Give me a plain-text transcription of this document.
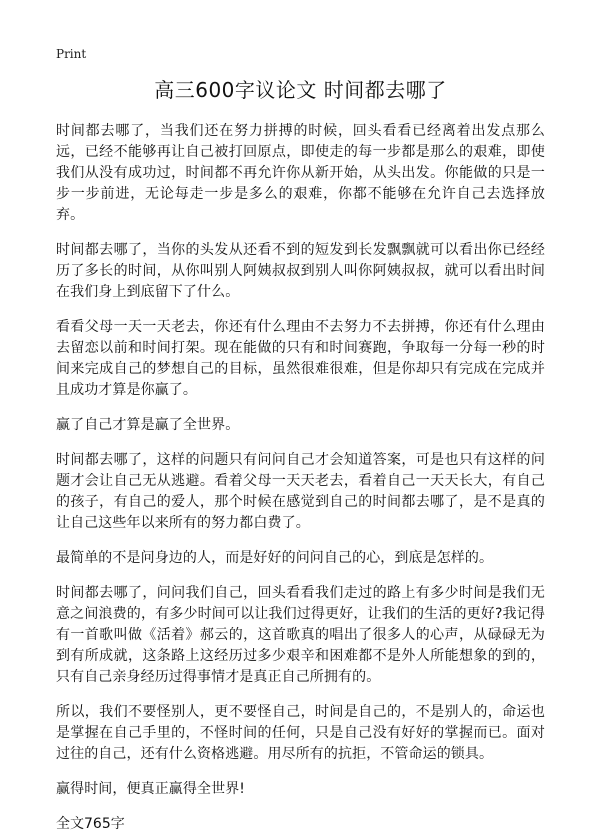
Print
高三600字议论文 时间都去哪了

时间都去哪了，当我们还在努力拼搏的时候，回头看看已经离着出发点那么远，已经不能够再让自己被打回原点，即使走的每一步都是那么的艰难，即使我们从没有成功过，时间都不再允许你从新开始，从头出发。你能做的只是一步一步前进，无论每走一步是多么的艰难，你都不能够在允许自己去选择放弃。

时间都去哪了，当你的头发从还看不到的短发到长发飘飘就可以看出你已经经历了多长的时间，从你叫别人阿姨叔叔到别人叫你阿姨叔叔，就可以看出时间在我们身上到底留下了什么。

看看父母一天一天老去，你还有什么理由不去努力不去拼搏，你还有什么理由去留恋以前和时间打架。现在能做的只有和时间赛跑，争取每一分每一秒的时间来完成自己的梦想自己的目标，虽然很难很难，但是你却只有完成在完成并且成功才算是你赢了。

赢了自己才算是赢了全世界。

时间都去哪了，这样的问题只有问问自己才会知道答案，可是也只有这样的问题才会让自己无从逃避。看着父母一天天老去，看着自己一天天长大，有自己的孩子，有自己的爱人，那个时候在感觉到自己的时间都去哪了，是不是真的让自己这些年以来所有的努力都白费了。

最简单的不是问身边的人，而是好好的问问自己的心，到底是怎样的。

时间都去哪了，问问我们自己，回头看看我们走过的路上有多少时间是我们无意之间浪费的，有多少时间可以让我们过得更好，让我们的生活的更好?我记得有一首歌叫做《活着》郝云的，这首歌真的唱出了很多人的心声，从碌碌无为到有所成就，这条路上这经历过多少艰辛和困难都不是外人所能想象的到的，只有自己亲身经历过得事情才是真正自己所拥有的。

所以，我们不要怪别人，更不要怪自己，时间是自己的，不是别人的，命运也是掌握在自己手里的，不怪时间的任何，只是自己没有好好的掌握而已。面对过往的自己，还有什么资格逃避。用尽所有的抗拒，不管命运的锁具。

赢得时间，便真正赢得全世界!

全文765字
